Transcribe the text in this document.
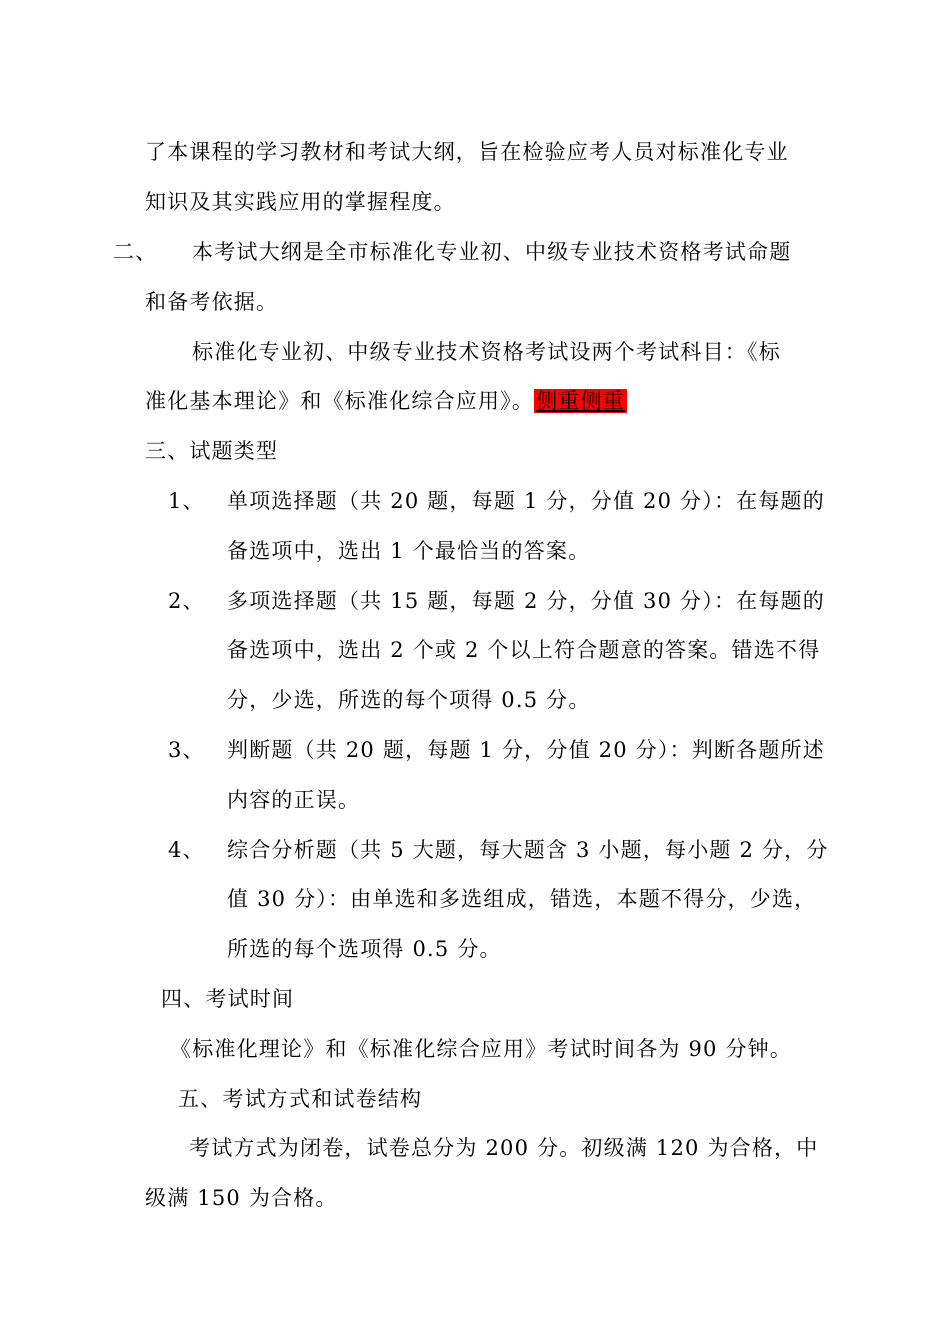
了本课程的学习教材和考试大纲，旨在检验应考人员对标准化专业
知识及其实践应用的掌握程度。
二、 本考试大纲是全市标准化专业初、中级专业技术资格考试命题
和备考依据。
标准化专业初、中级专业技术资格考试设两个考试科目：《标
准化基本理论》和《标准化综合应用》。侧重侧重
三、试题类型
1、 单项选择题（共 20 题，每题 1 分，分值 20 分）：在每题的
备选项中，选出 1 个最恰当的答案。
2、 多项选择题（共 15 题，每题 2 分，分值 30 分）：在每题的
备选项中，选出 2 个或 2 个以上符合题意的答案。错选不得
分，少选，所选的每个项得 0.5 分。
3、 判断题（共 20 题，每题 1 分，分值 20 分）：判断各题所述
内容的正误。
4、 综合分析题（共 5 大题，每大题含 3 小题，每小题 2 分，分
值 30 分）：由单选和多选组成，错选，本题不得分，少选，
所选的每个选项得 0.5 分。
四、考试时间
《标准化理论》和《标准化综合应用》考试时间各为 90 分钟。
五、考试方式和试卷结构
考试方式为闭卷，试卷总分为 200 分。初级满 120 为合格，中
级满 150 为合格。
